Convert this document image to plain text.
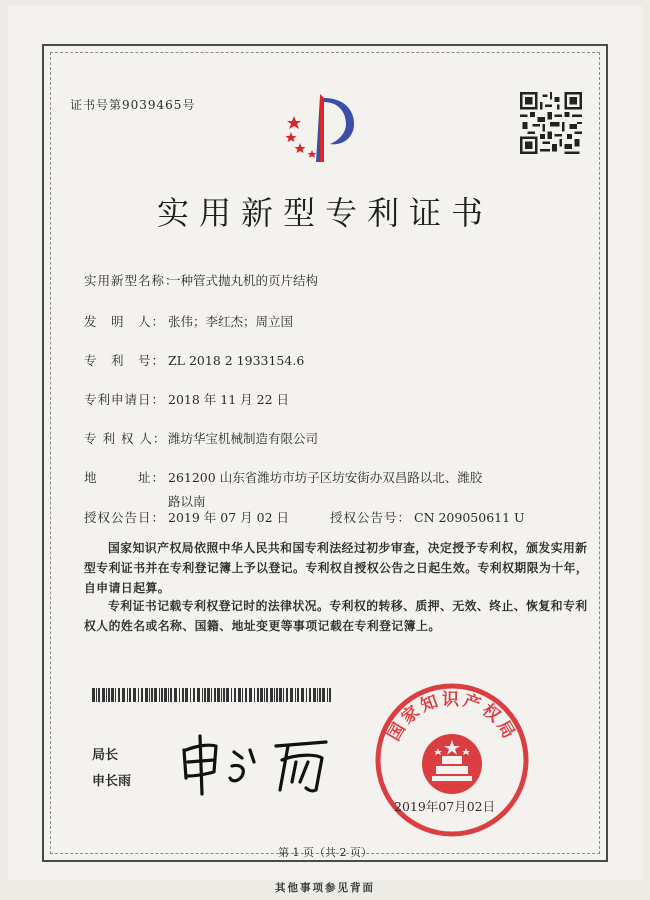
证书号第9039465号
实用新型专利证书
实用新型名称：一种管式抛丸机的页片结构
发　明　人： 张伟；李红杰；周立国
专　利　号： ZL 2018 2 1933154.6
专利申请日： 2018 年 11 月 22 日
专 利 权 人： 潍坊华宝机械制造有限公司
地　　　址： 261200 山东省潍坊市坊子区坊安街办双昌路以北、潍胶
路以南
授权公告日： 2019 年 07 月 02 日	授权公告号： CN 209050611 U
国家知识产权局依照中华人民共和国专利法经过初步审查，决定授予专利权，颁发实用新型专利证书并在专利登记簿上予以登记。专利权自授权公告之日起生效。专利权期限为十年，自申请日起算。
专利证书记载专利权登记时的法律状况。专利权的转移、质押、无效、终止、恢复和专利权人的姓名或名称、国籍、地址变更等事项记载在专利登记簿上。
局长
申长雨
国家知识产权局
2019年07月02日
第 1 页（共 2 页）
其他事项参见背面
